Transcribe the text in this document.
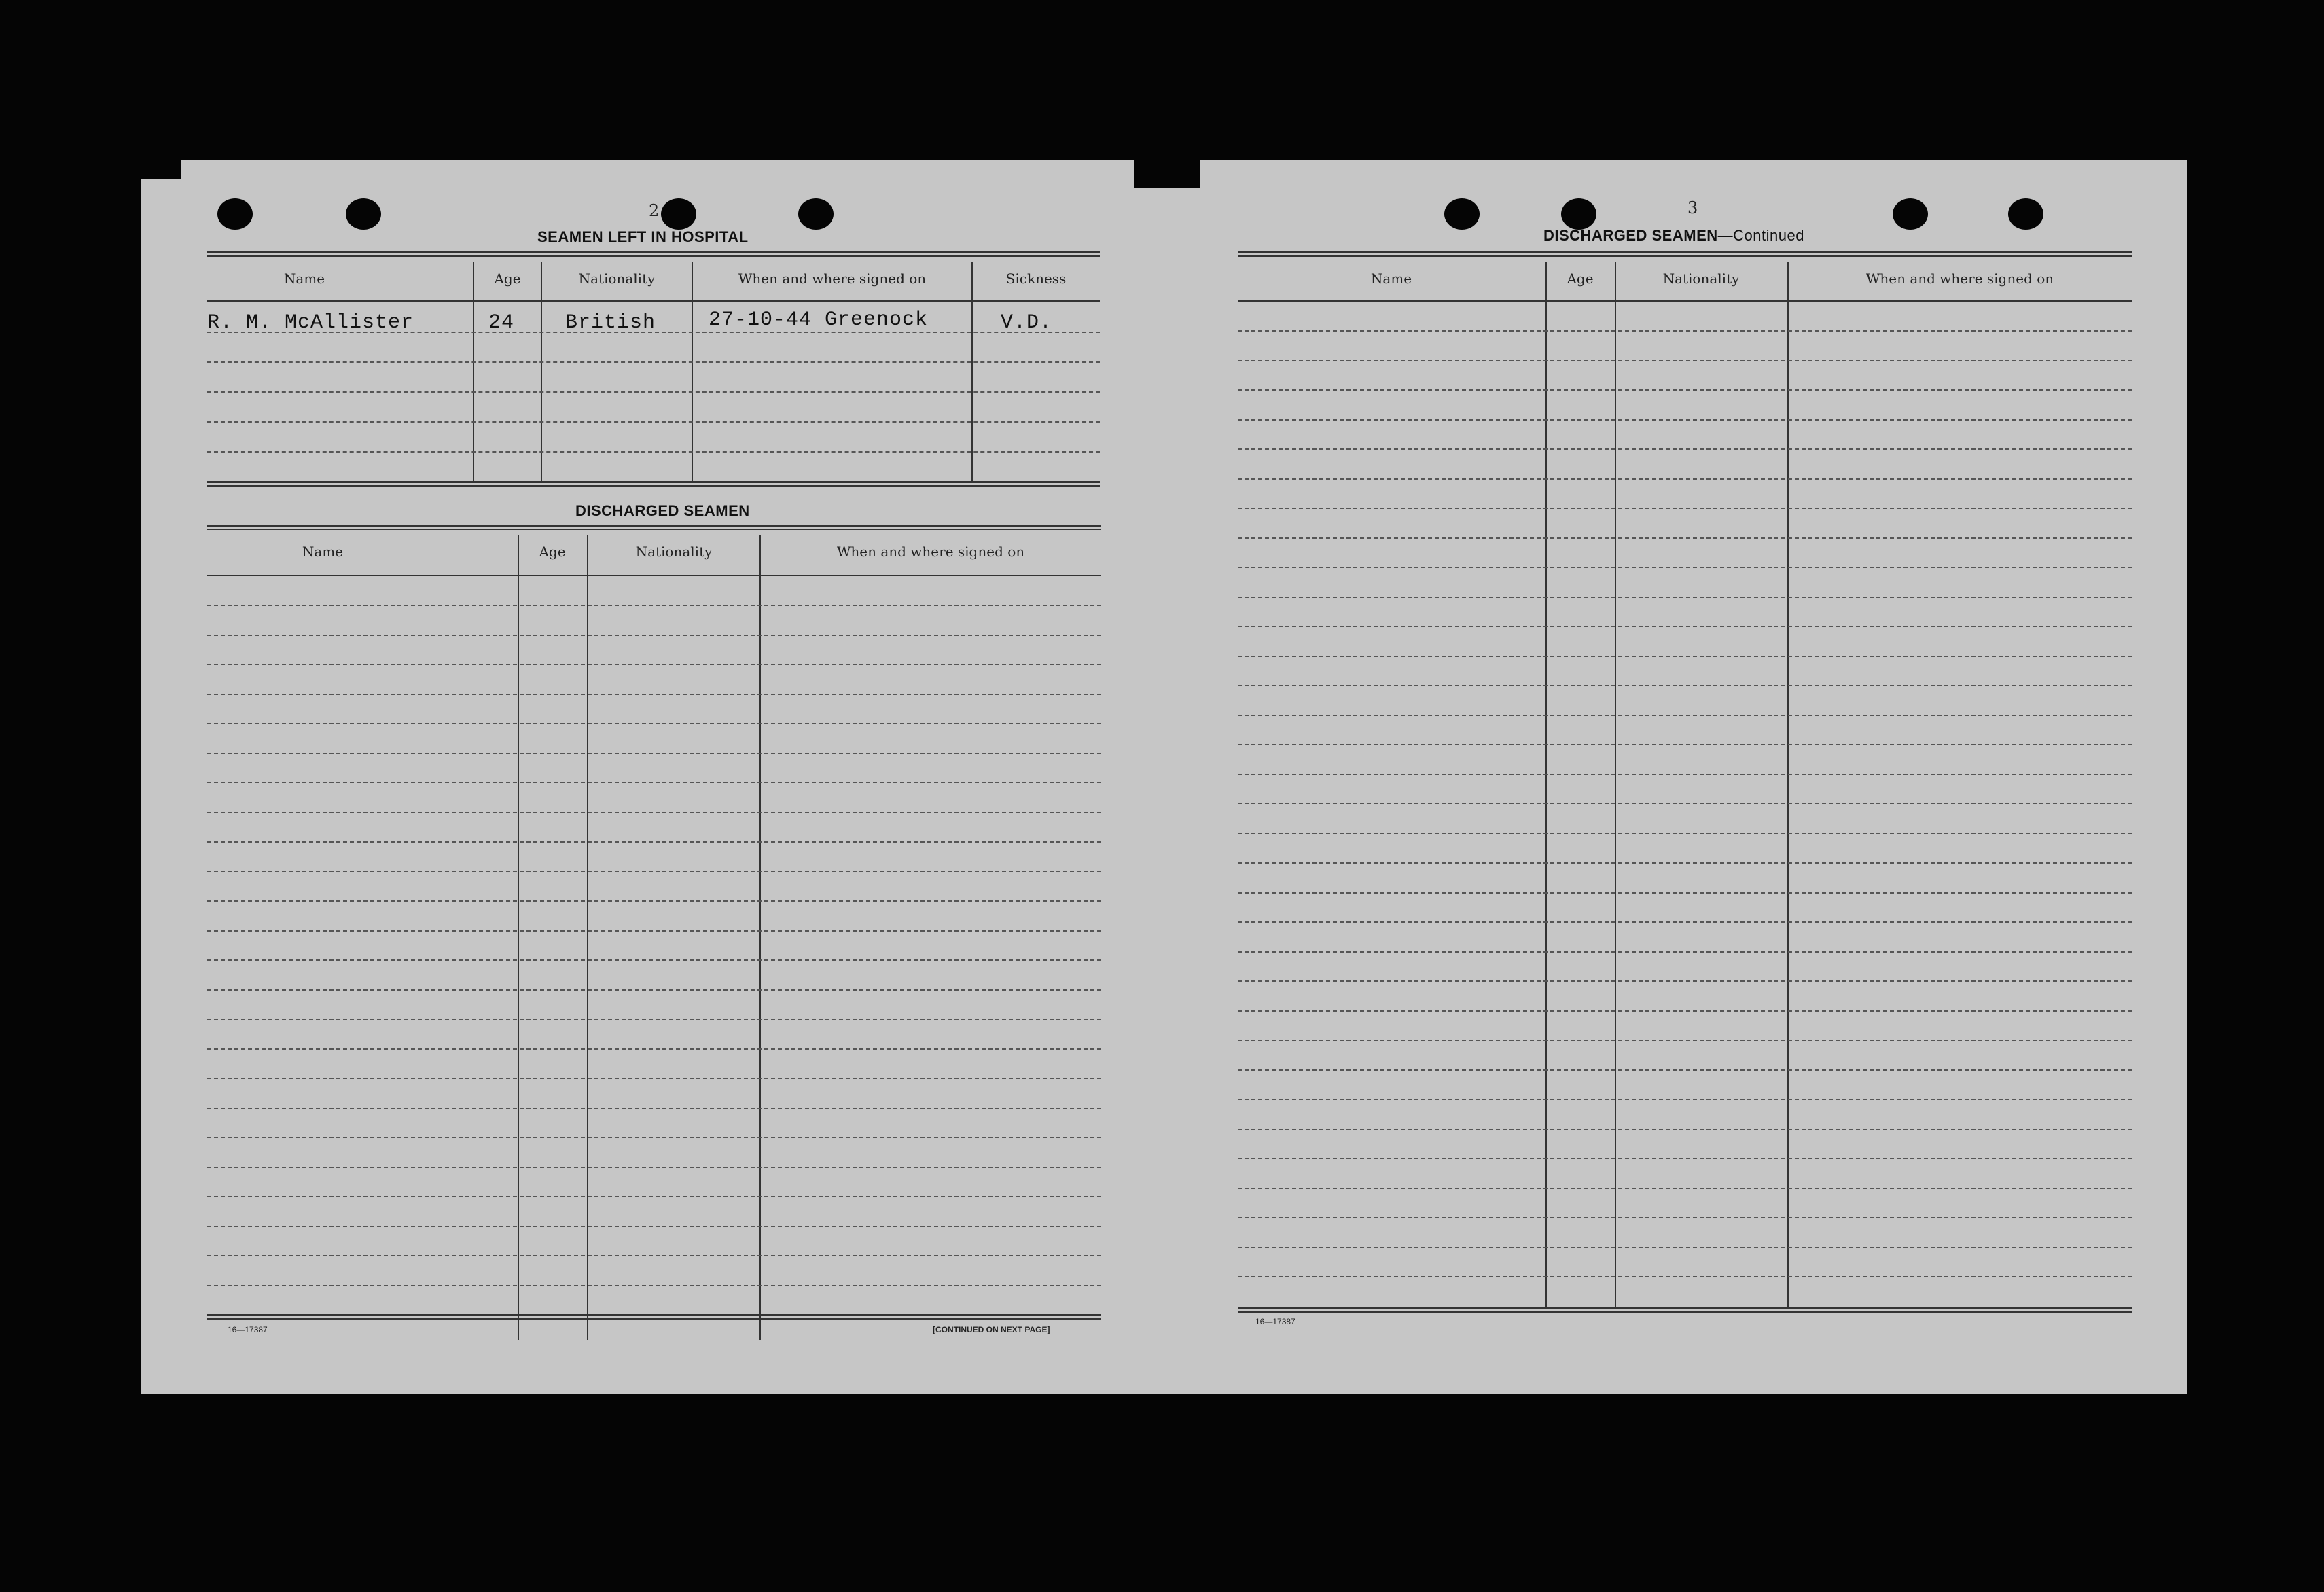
2
SEAMEN LEFT IN HOSPITAL
Name	Age	Nationality	When and where signed on	Sickness
R. M. McAllister	24 British	27-10-44 Greenock	V.D.
DISCHARGED SEAMEN
Name	Age	Nationality	When and where signed on
16—17387	[CONTINUED ON NEXT PAGE]
3
DISCHARGED SEAMEN—Continued
Name	Age	Nationality	When and where signed on
16—17387
